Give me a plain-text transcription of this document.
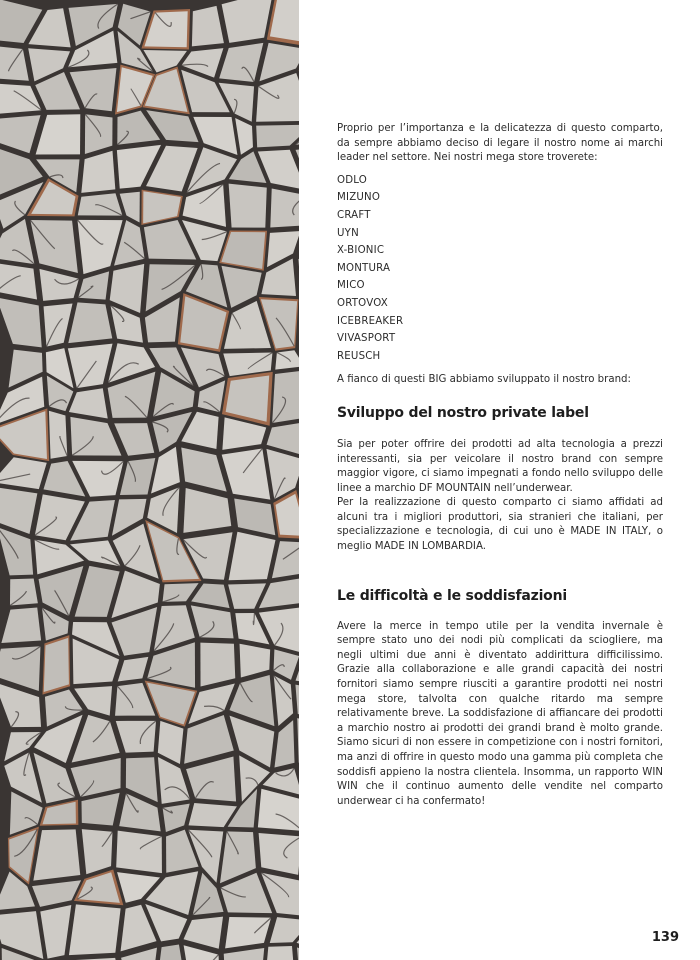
Proprio per l’importanza e la delicatezza di questo comparto, da sempre abbiamo deciso di legare il nostro nome ai marchi leader nel settore. Nei nostri mega store troverete:

ODLO
MIZUNO
CRAFT
UYN
X-BIONIC
MONTURA
MICO
ORTOVOX
ICEBREAKER
VIVASPORT
REUSCH

A fianco di questi BIG abbiamo sviluppato il nostro brand:

Sviluppo del nostro private label

Sia per poter offrire dei prodotti ad alta tecnologia a prezzi interessanti, sia per veicolare il nostro brand con sempre maggior vigore, ci siamo impegnati a fondo nello sviluppo delle linee a marchio DF MOUNTAIN nell’underwear.

Per la realizzazione di questo comparto ci siamo affidati ad alcuni tra i migliori produttori, sia stranieri che italiani, per specializzazione e tecnologia, di cui uno è MADE IN ITALY, o meglio MADE IN LOMBARDIA.

Le difficoltà e le soddisfazioni

Avere la merce in tempo utile per la vendita invernale è sempre stato uno dei nodi più complicati da sciogliere, ma negli ultimi due anni è diventato addirittura difficilissimo. Grazie alla collaborazione e alle grandi capacità dei nostri fornitori siamo sempre riusciti a garantire prodotti nei nostri mega store, talvolta con qualche ritardo ma sempre relativamente breve. La soddisfazione di affiancare dei prodotti a marchio nostro ai prodotti dei grandi brand è molto grande. Siamo sicuri di non essere in competizione con i nostri fornitori, ma anzi di offrire in questo modo una gamma più completa che soddisfi appieno la nostra clientela. Insomma, un rapporto WIN WIN che il continuo aumento delle vendite nel comparto underwear ci ha confermato!

139
